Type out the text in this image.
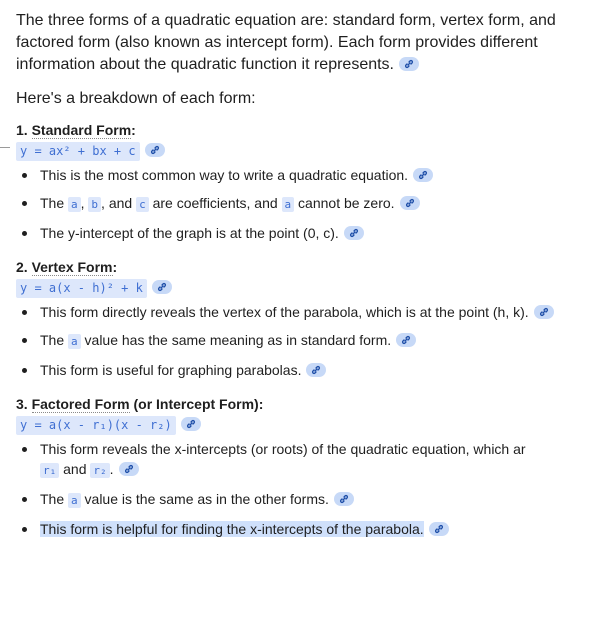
The three forms of a quadratic equation are: standard form, vertex form, and factored form (also known as intercept form). Each form provides different information about the quadratic function it represents.

Here's a breakdown of each form:

1. Standard Form:

y = ax² + bx + c
This is the most common way to write a quadratic equation.
The a , b , and c are coefficients, and a cannot be zero.
The y-intercept of the graph is at the point (0, c).

2. Vertex Form:

y = a(x - h)² + k
This form directly reveals the vertex of the parabola, which is at the point (h, k).
The a value has the same meaning as in standard form.
This form is useful for graphing parabolas.

3. Factored Form (or Intercept Form):

y = a(x - r₁)(x - r₂)
This form reveals the x-intercepts (or roots) of the quadratic equation, which ar
r₁ and r₂ .
The a value is the same as in the other forms.
This form is helpful for finding the x-intercepts of the parabola.
